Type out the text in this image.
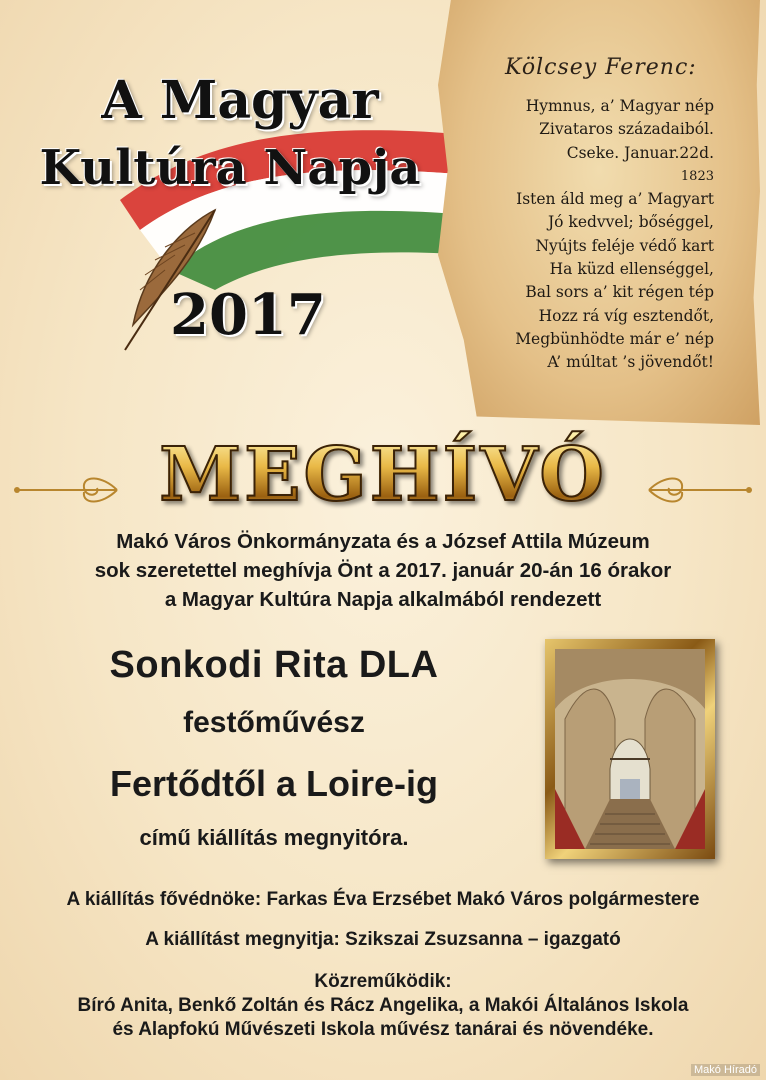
A Magyar
Kultúra Napja
2017
Kölcsey Ferenc:
Hymnus, a’ Magyar nép
Zivataros századaiból.
Cseke. Januar.22d.
1823
Isten áld meg a’ Magyart
Jó kedvvel; bőséggel,
Nyújts feléje védő kart
Ha küzd ellenséggel,
Bal sors a’ kit régen tép
Hozz rá víg esztendőt,
Megbünhödte már e’ nép
A’ múltat ’s jövendőt!
MEGHÍVÓ
Makó Város Önkormányzata és a József Attila Múzeum
sok szeretettel meghívja Önt a 2017. január 20-án 16 órakor
a Magyar Kultúra Napja alkalmából rendezett
Sonkodi Rita DLA
festőművész
Fertődtől a Loire-ig
című kiállítás megnyitóra.
A kiállítás fővédnöke: Farkas Éva Erzsébet Makó Város polgármestere
A kiállítást megnyitja: Szikszai Zsuzsanna – igazgató
Közreműködik:
Bíró Anita, Benkő Zoltán és Rácz Angelika, a Makói Általános Iskola
és Alapfokú Művészeti Iskola művész tanárai és növendéke.
Makó Híradó
